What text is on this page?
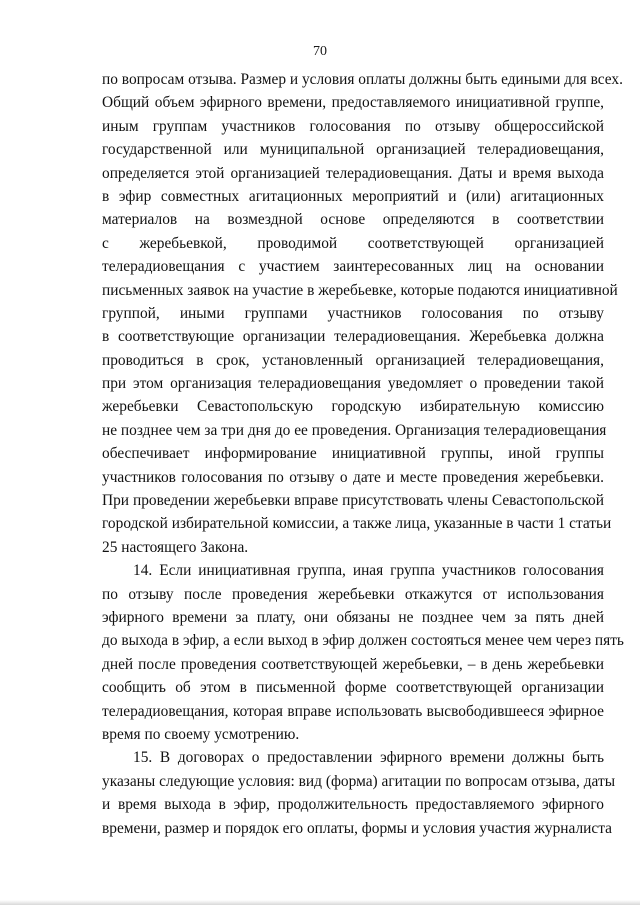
70
по вопросам отзыва. Размер и условия оплаты должны быть едиными для всех.
Общий объем эфирного времени, предоставляемого инициативной группе,
иным группам участников голосования по отзыву общероссийской
государственной или муниципальной организацией телерадиовещания,
определяется этой организацией телерадиовещания. Даты и время выхода
в эфир совместных агитационных мероприятий и (или) агитационных
материалов на возмездной основе определяются в соответствии
с жеребьевкой, проводимой соответствующей организацией
телерадиовещания с участием заинтересованных лиц на основании
письменных заявок на участие в жеребьевке, которые подаются инициативной
группой, иными группами участников голосования по отзыву
в соответствующие организации телерадиовещания. Жеребьевка должна
проводиться в срок, установленный организацией телерадиовещания,
при этом организация телерадиовещания уведомляет о проведении такой
жеребьевки Севастопольскую городскую избирательную комиссию
не позднее чем за три дня до ее проведения. Организация телерадиовещания
обеспечивает информирование инициативной группы, иной группы
участников голосования по отзыву о дате и месте проведения жеребьевки.
При проведении жеребьевки вправе присутствовать члены Севастопольской
городской избирательной комиссии, а также лица, указанные в части 1 статьи
25 настоящего Закона.
14. Если инициативная группа, иная группа участников голосования
по отзыву после проведения жеребьевки откажутся от использования
эфирного времени за плату, они обязаны не позднее чем за пять дней
до выхода в эфир, а если выход в эфир должен состояться менее чем через пять
дней после проведения соответствующей жеребьевки, – в день жеребьевки
сообщить об этом в письменной форме соответствующей организации
телерадиовещания, которая вправе использовать высвободившееся эфирное
время по своему усмотрению.
15. В договорах о предоставлении эфирного времени должны быть
указаны следующие условия: вид (форма) агитации по вопросам отзыва, даты
и время выхода в эфир, продолжительность предоставляемого эфирного
времени, размер и порядок его оплаты, формы и условия участия журналиста
